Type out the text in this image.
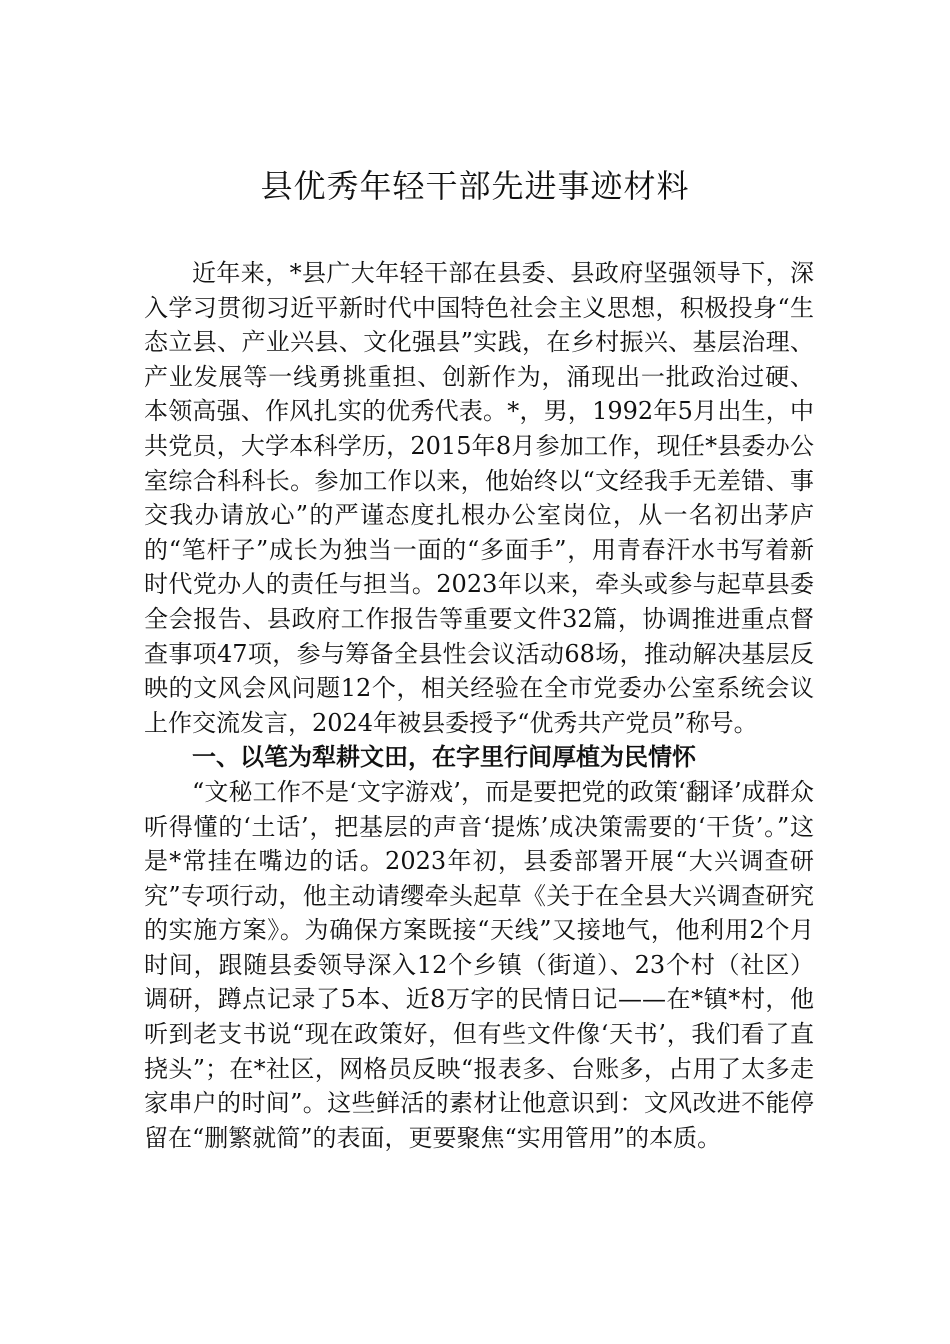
县优秀年轻干部先进事迹材料

近年来，*县广大年轻干部在县委、县政府坚强领导下，深入学习贯彻习近平新时代中国特色社会主义思想，积极投身“生态立县、产业兴县、文化强县”实践，在乡村振兴、基层治理、产业发展等一线勇挑重担、创新作为，涌现出一批政治过硬、本领高强、作风扎实的优秀代表。*，男，1992年5月出生，中共党员，大学本科学历，2015年8月参加工作，现任*县委办公室综合科科长。参加工作以来，他始终以“文经我手无差错、事交我办请放心”的严谨态度扎根办公室岗位，从一名初出茅庐的“笔杆子”成长为独当一面的“多面手”，用青春汗水书写着新时代党办人的责任与担当。2023年以来，牵头或参与起草县委全会报告、县政府工作报告等重要文件32篇，协调推进重点督查事项47项，参与筹备全县性会议活动68场，推动解决基层反映的文风会风问题12个，相关经验在全市党委办公室系统会议上作交流发言，2024年被县委授予“优秀共产党员”称号。

一、以笔为犁耕文田，在字里行间厚植为民情怀

“文秘工作不是‘文字游戏’，而是要把党的政策‘翻译’成群众听得懂的‘土话’，把基层的声音‘提炼’成决策需要的‘干货’。”这是*常挂在嘴边的话。2023年初，县委部署开展“大兴调查研究”专项行动，他主动请缨牵头起草《关于在全县大兴调查研究的实施方案》。为确保方案既接“天线”又接地气，他利用2个月时间，跟随县委领导深入12个乡镇（街道）、23个村（社区）调研，蹲点记录了5本、近8万字的民情日记——在*镇*村，他听到老支书说“现在政策好，但有些文件像‘天书’，我们看了直挠头”；在*社区，网格员反映“报表多、台账多，占用了太多走家串户的时间”。这些鲜活的素材让他意识到：文风改进不能停留在“删繁就简”的表面，更要聚焦“实用管用”的本质。
